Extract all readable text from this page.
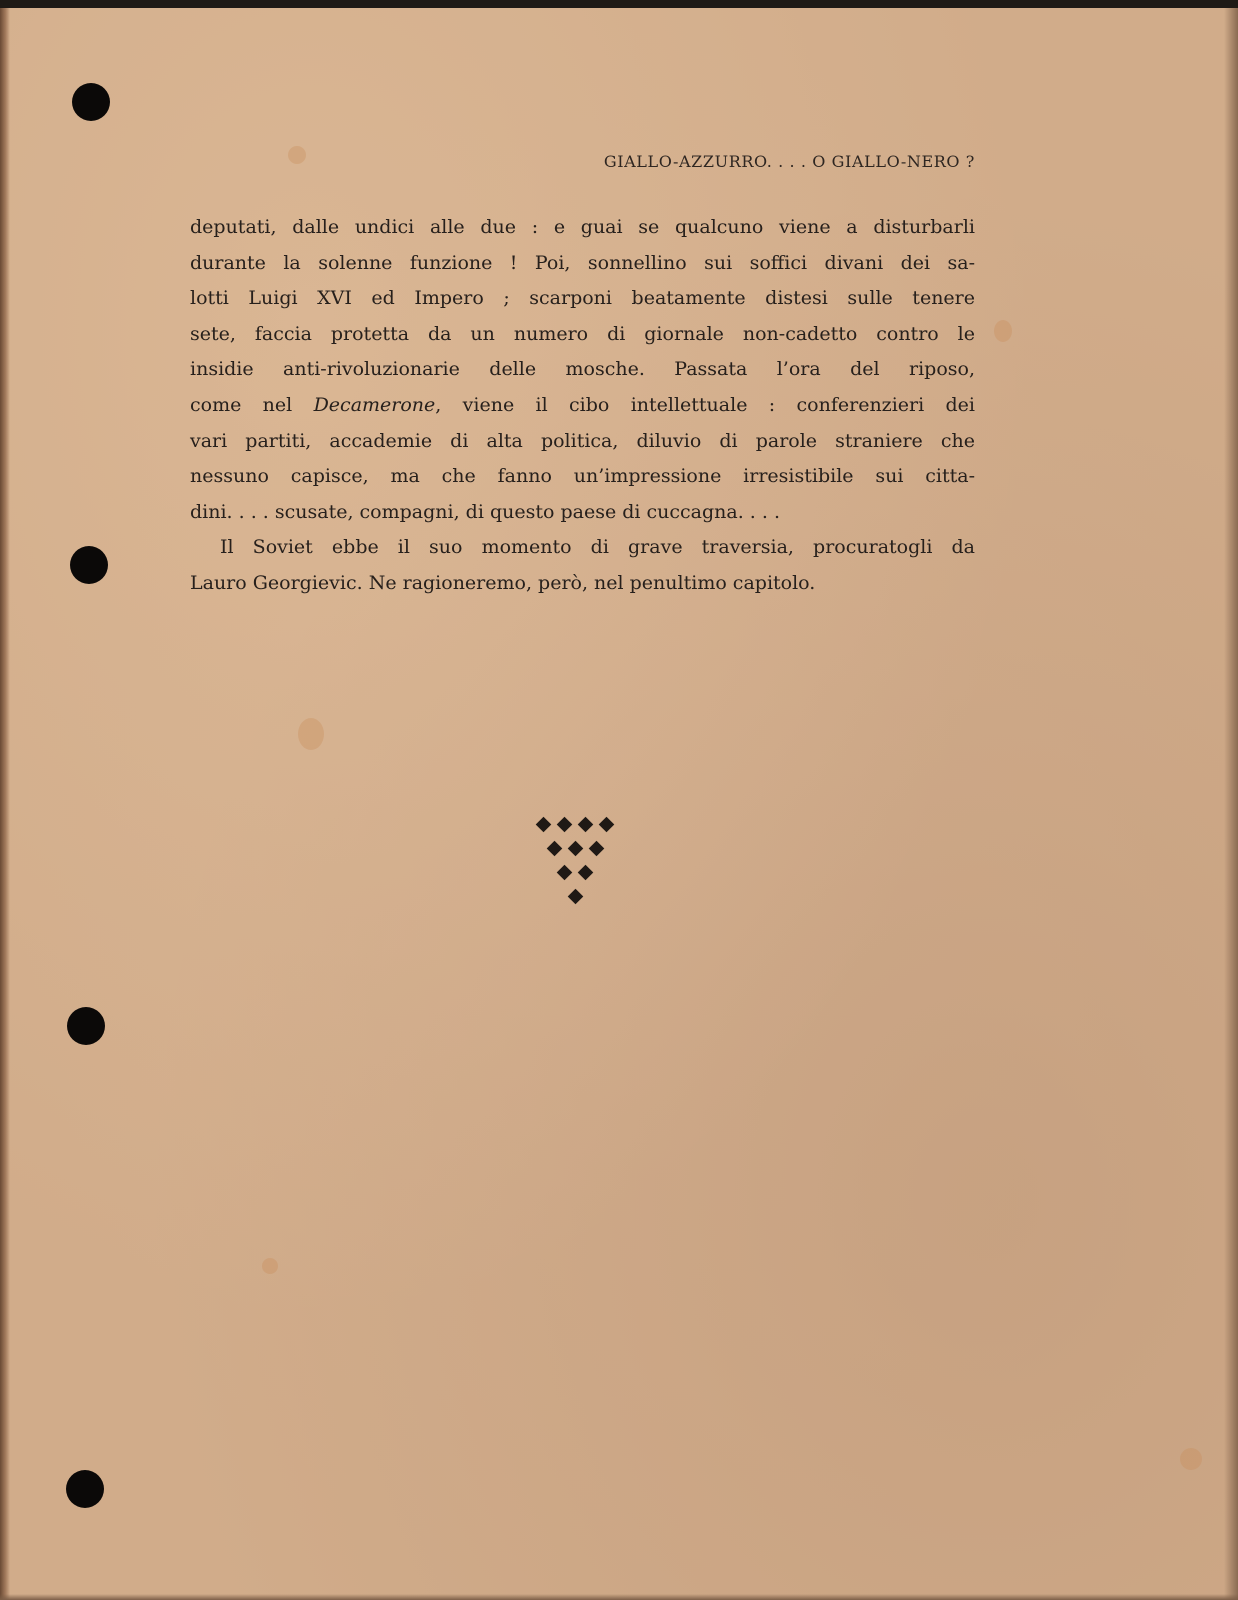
GIALLO-AZZURRO. . . . O GIALLO-NERO ?
deputati, dalle undici alle due : e guai se qualcuno viene a disturbarli
durante la solenne funzione ! Poi, sonnellino sui soffici divani dei sa-
lotti Luigi XVI ed Impero ; scarponi beatamente distesi sulle tenere
sete, faccia protetta da un numero di giornale non-cadetto contro le
insidie anti-rivoluzionarie delle mosche. Passata l’ora del riposo,
come nel Decamerone, viene il cibo intellettuale : conferenzieri dei
vari partiti, accademie di alta politica, diluvio di parole straniere che
nessuno capisce, ma che fanno un’impressione irresistibile sui citta-
dini. . . . scusate, compagni, di questo paese di cuccagna. . . .
Il Soviet ebbe il suo momento di grave traversia, procuratogli da
Lauro Georgievic. Ne ragioneremo, però, nel penultimo capitolo.
